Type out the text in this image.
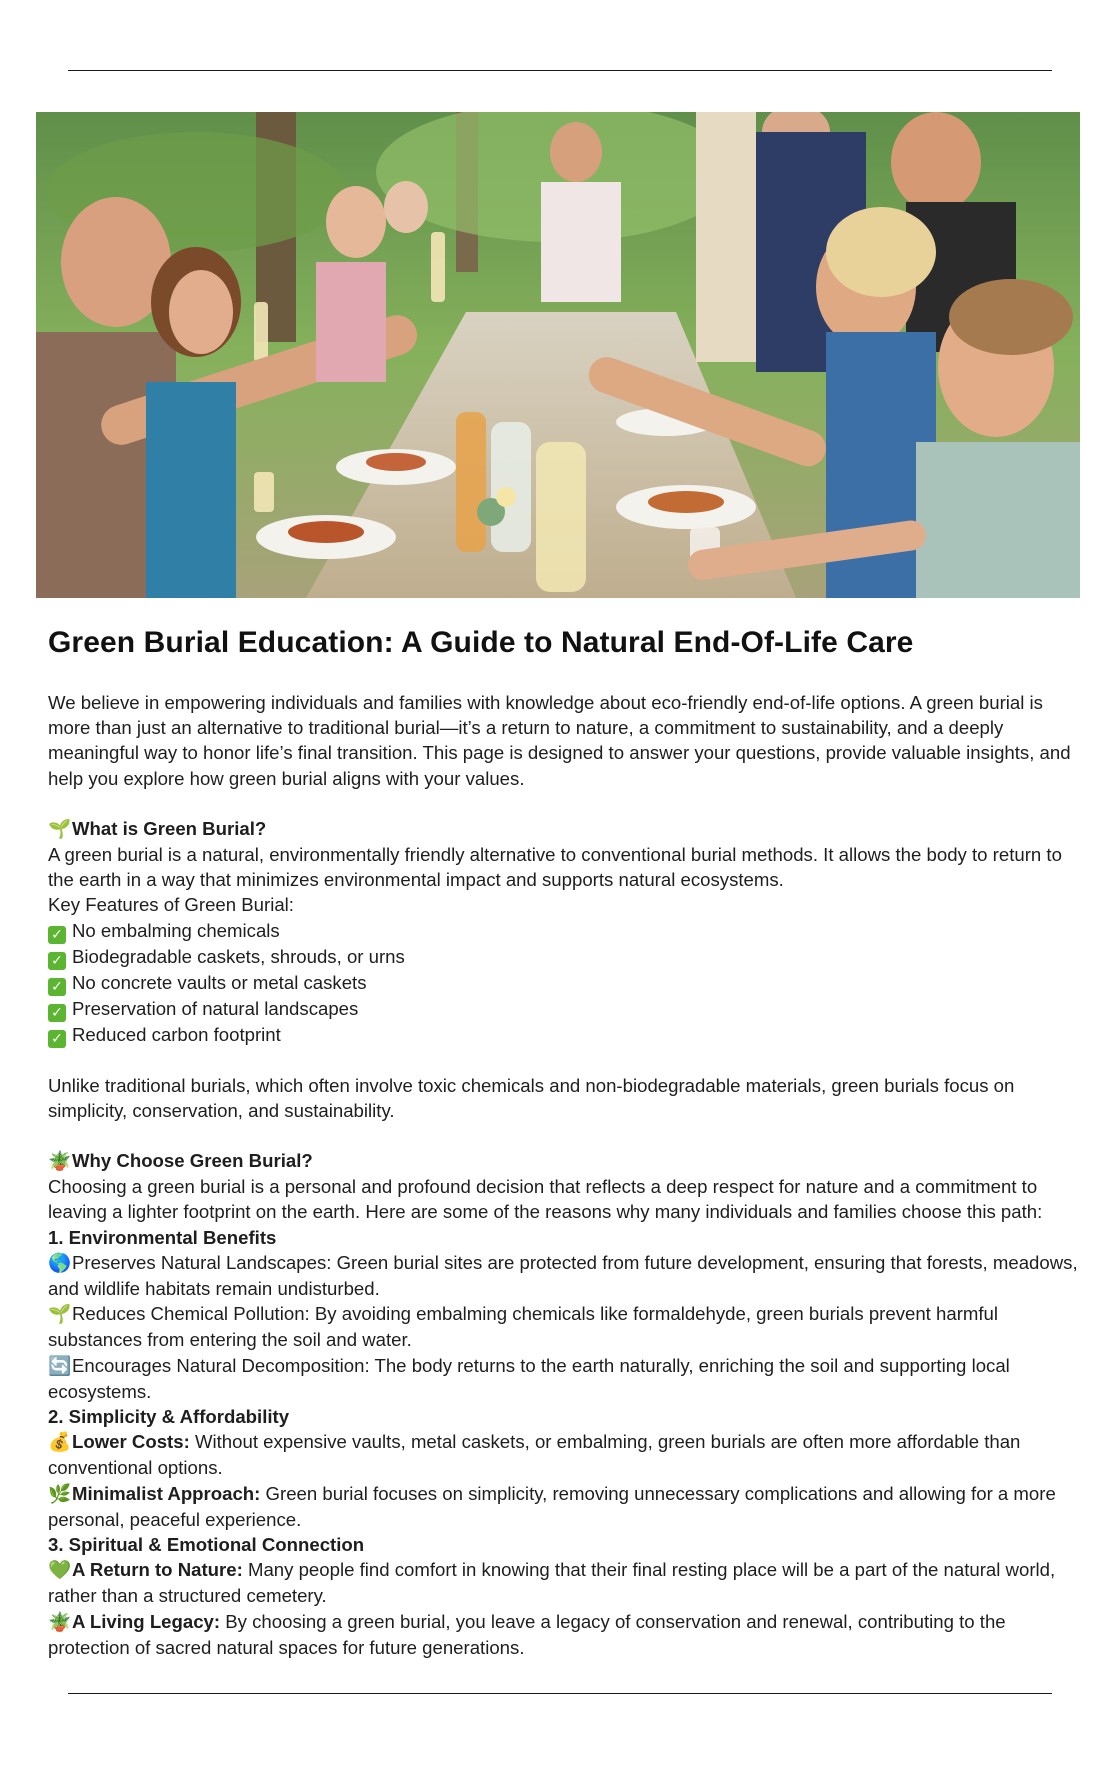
Green Burial Education: A Guide to Natural End-Of-Life Care

We believe in empowering individuals and families with knowledge about eco-friendly end-of-life options. A green burial is more than just an alternative to traditional burial—it’s a return to nature, a commitment to sustainability, and a deeply meaningful way to honor life’s final transition. This page is designed to answer your questions, provide valuable insights, and help you explore how green burial aligns with your values.

🌱What is Green Burial?

A green burial is a natural, environmentally friendly alternative to conventional burial methods. It allows the body to return to the earth in a way that minimizes environmental impact and supports natural ecosystems.

Key Features of Green Burial:
✓ No embalming chemicals
✓ Biodegradable caskets, shrouds, or urns
✓ No concrete vaults or metal caskets
✓ Preservation of natural landscapes
✓ Reduced carbon footprint

Unlike traditional burials, which often involve toxic chemicals and non-biodegradable materials, green burials focus on simplicity, conservation, and sustainability.

🪴Why Choose Green Burial?

Choosing a green burial is a personal and profound decision that reflects a deep respect for nature and a commitment to leaving a lighter footprint on the earth. Here are some of the reasons why many individuals and families choose this path:

1. Environmental Benefits

🌎Preserves Natural Landscapes: Green burial sites are protected from future development, ensuring that forests, meadows, and wildlife habitats remain undisturbed.

🌱Reduces Chemical Pollution: By avoiding embalming chemicals like formaldehyde, green burials prevent harmful substances from entering the soil and water.

🔄Encourages Natural Decomposition: The body returns to the earth naturally, enriching the soil and supporting local ecosystems.

2. Simplicity & Affordability

💰Lower Costs: Without expensive vaults, metal caskets, or embalming, green burials are often more affordable than conventional options.

🌿Minimalist Approach: Green burial focuses on simplicity, removing unnecessary complications and allowing for a more personal, peaceful experience.

3. Spiritual & Emotional Connection

💚A Return to Nature: Many people find comfort in knowing that their final resting place will be a part of the natural world, rather than a structured cemetery.

🪴A Living Legacy: By choosing a green burial, you leave a legacy of conservation and renewal, contributing to the protection of sacred natural spaces for future generations.
